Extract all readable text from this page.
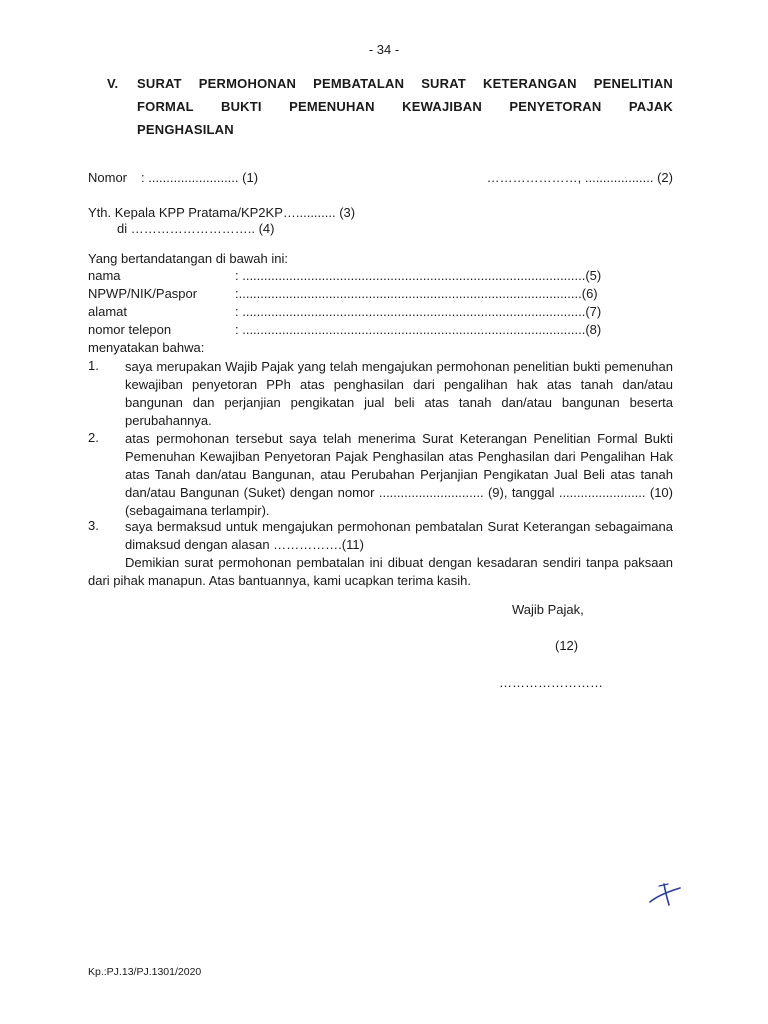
- 34 -
V. SURAT PERMOHONAN PEMBATALAN SURAT KETERANGAN PENELITIAN
FORMAL BUKTI PEMENUHAN KEWAJIBAN PENYETORAN PAJAK
PENGHASILAN
Nomor : ......................... (1)	…………………, ................... (2)
Yth. Kepala KPP Pratama/KP2KP…........... (3)
di ……………………….. (4)
Yang bertandatangan di bawah ini:
nama	: ...............................................................................................(5)
NPWP/NIK/Paspor	:...............................................................................................(6)
alamat	: ...............................................................................................(7)
nomor telepon	: ...............................................................................................(8)
menyatakan bahwa:
1. saya merupakan Wajib Pajak yang telah mengajukan permohonan penelitian bukti pemenuhan kewajiban penyetoran PPh atas penghasilan dari pengalihan hak atas tanah dan/atau bangunan dan perjanjian pengikatan jual beli atas tanah dan/atau bangunan beserta perubahannya.
2. atas permohonan tersebut saya telah menerima Surat Keterangan Penelitian Formal Bukti Pemenuhan Kewajiban Penyetoran Pajak Penghasilan atas Penghasilan dari Pengalihan Hak atas Tanah dan/atau Bangunan, atau Perubahan Perjanjian Pengikatan Jual Beli atas tanah dan/atau Bangunan (Suket) dengan nomor ............................. (9), tanggal ........................ (10) (sebagaimana terlampir).
3. saya bermaksud untuk mengajukan permohonan pembatalan Surat Keterangan sebagaimana dimaksud dengan alasan …………….(11)
Demikian surat permohonan pembatalan ini dibuat dengan kesadaran sendiri tanpa paksaan dari pihak manapun. Atas bantuannya, kami ucapkan terima kasih.
Wajib Pajak,
(12)
……………………
Kp.:PJ.13/PJ.1301/2020
